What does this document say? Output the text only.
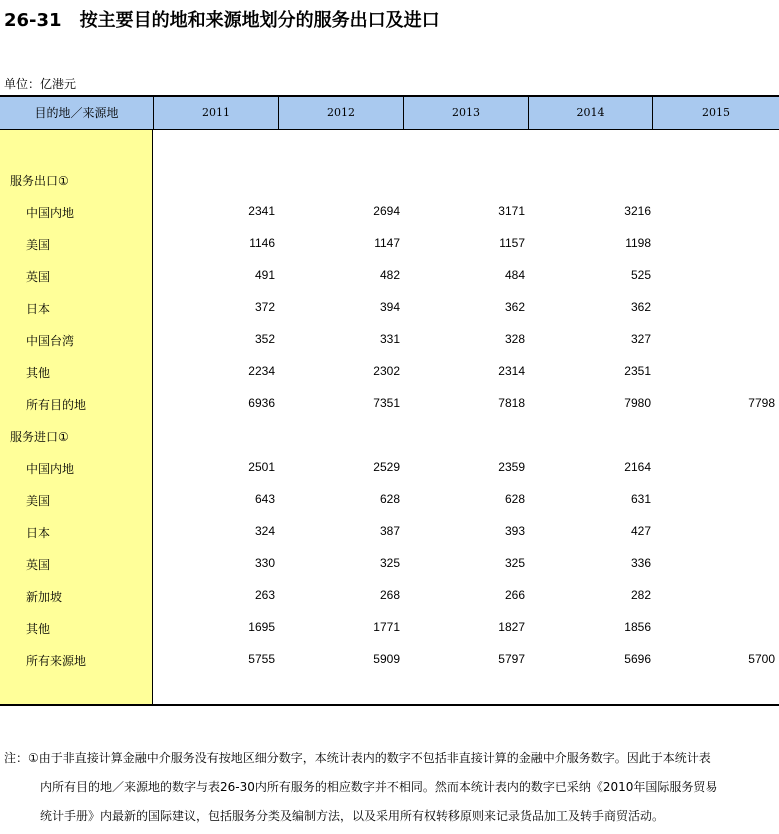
26-31 按主要目的地和来源地划分的服务出口及进口
单位：亿港元
目的地／来源地	2011	2012	2013	2014	2015
服务出口①
中国内地	2341	2694	3171	3216
美国	1146	1147	1157	1198
英国	491	482	484	525
日本	372	394	362	362
中国台湾	352	331	328	327
其他	2234	2302	2314	2351
所有目的地	6936	7351	7818	7980	7798
服务进口①
中国内地	2501	2529	2359	2164
美国	643	628	628	631
日本	324	387	393	427
英国	330	325	325	336
新加坡	263	268	266	282
其他	1695	1771	1827	1856
所有来源地	5755	5909	5797	5696	5700
注：①由于非直接计算金融中介服务没有按地区细分数字，本统计表内的数字不包括非直接计算的金融中介服务数字。因此于本统计表
内所有目的地／来源地的数字与表26-30内所有服务的相应数字并不相同。然而本统计表内的数字已采纳《2010年国际服务贸易
统计手册》内最新的国际建议，包括服务分类及编制方法，以及采用所有权转移原则来记录货品加工及转手商贸活动。
